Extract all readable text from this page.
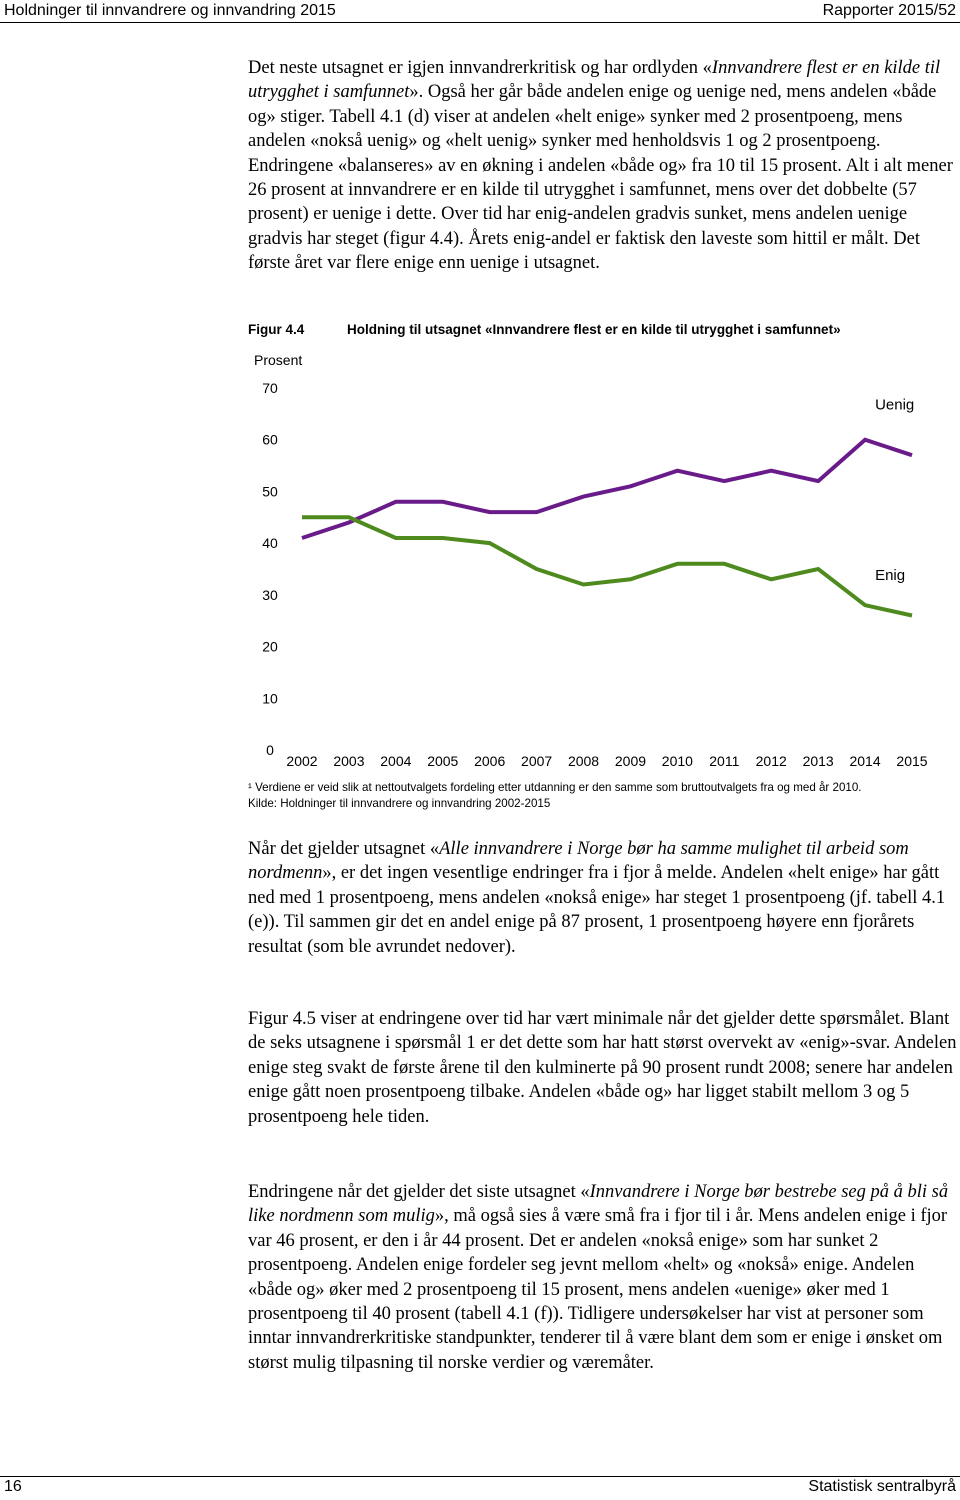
Holdninger til innvandrere og innvandring 2015	Rapporter 2015/52

Det neste utsagnet er igjen innvandrerkritisk og har ordlyden «Innvandrere flest er en kilde til utrygghet i samfunnet». Også her går både andelen enige og uenige ned, mens andelen «både og» stiger. Tabell 4.1 (d) viser at andelen «helt enige» synker med 2 prosentpoeng, mens andelen «nokså uenig» og «helt uenig» synker med henholdsvis 1 og 2 prosentpoeng. Endringene «balanseres» av en økning i andelen «både og» fra 10 til 15 prosent. Alt i alt mener 26 prosent at innvandrere er en kilde til utrygghet i samfunnet, mens over det dobbelte (57 prosent) er uenige i dette. Over tid har enig-andelen gradvis sunket, mens andelen uenige gradvis har steget (figur 4.4). Årets enig-andel er faktisk den laveste som hittil er målt. Det første året var flere enige enn uenige i utsagnet.

Figur 4.4	Holdning til utsagnet «Innvandrere flest er en kilde til utrygghet i samfunnet»
Prosent
0
10
20
30
40
50
60
70
2002 2003 2004 2005 2006 2007 2008 2009 2010 2011 2012 2013 2014 2015
Uenig
Enig
¹ Verdiene er veid slik at nettoutvalgets fordeling etter utdanning er den samme som bruttoutvalgets fra og med år 2010.
Kilde: Holdninger til innvandrere og innvandring 2002-2015

Når det gjelder utsagnet «Alle innvandrere i Norge bør ha samme mulighet til arbeid som nordmenn», er det ingen vesentlige endringer fra i fjor å melde. Andelen «helt enige» har gått ned med 1 prosentpoeng, mens andelen «nokså enige» har steget 1 prosentpoeng (jf. tabell 4.1 (e)). Til sammen gir det en andel enige på 87 prosent, 1 prosentpoeng høyere enn fjorårets resultat (som ble avrundet nedover).

Figur 4.5 viser at endringene over tid har vært minimale når det gjelder dette spørsmålet. Blant de seks utsagnene i spørsmål 1 er det dette som har hatt størst overvekt av «enig»-svar. Andelen enige steg svakt de første årene til den kulminerte på 90 prosent rundt 2008; senere har andelen enige gått noen prosentpoeng tilbake. Andelen «både og» har ligget stabilt mellom 3 og 5 prosentpoeng hele tiden.

Endringene når det gjelder det siste utsagnet «Innvandrere i Norge bør bestrebe seg på å bli så like nordmenn som mulig», må også sies å være små fra i fjor til i år. Mens andelen enige i fjor var 46 prosent, er den i år 44 prosent. Det er andelen «nokså enige» som har sunket 2 prosentpoeng. Andelen enige fordeler seg jevnt mellom «helt» og «nokså» enige. Andelen «både og» øker med 2 prosentpoeng til 15 prosent, mens andelen «uenige» øker med 1 prosentpoeng til 40 prosent (tabell 4.1 (f)). Tidligere undersøkelser har vist at personer som inntar innvandrerkritiske standpunkter, tenderer til å være blant dem som er enige i ønsket om størst mulig tilpasning til norske verdier og væremåter.

16	Statistisk sentralbyrå
